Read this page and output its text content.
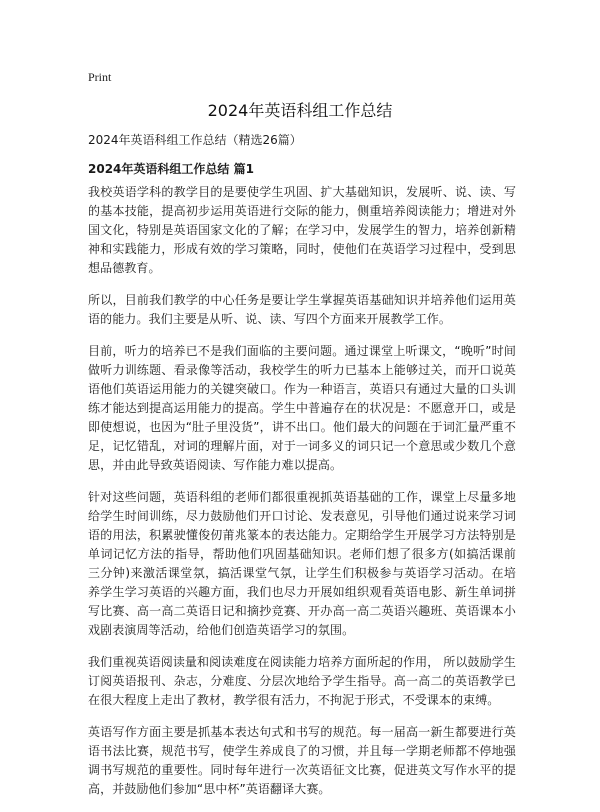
Print
2024年英语科组工作总结

2024年英语科组工作总结（精选26篇）

2024年英语科组工作总结 篇1

我校英语学科的教学目的是要使学生巩固、扩大基础知识，发展听、说、读、写的基本技能，提高初步运用英语进行交际的能力，侧重培养阅读能力；增进对外国文化，特别是英语国家文化的了解；在学习中，发展学生的智力，培养创新精神和实践能力，形成有效的学习策略，同时，使他们在英语学习过程中，受到思想品德教育。

所以，目前我们教学的中心任务是要让学生掌握英语基础知识并培养他们运用英语的能力。我们主要是从听、说、读、写四个方面来开展教学工作。

目前，听力的培养已不是我们面临的主要问题。通过课堂上听课文，“晚听”时间做听力训练题、看录像等活动，我校学生的听力已基本上能够过关，而开口说英语他们英语运用能力的关键突破口。作为一种语言，英语只有通过大量的口头训练才能达到提高运用能力的提高。学生中普遍存在的状况是：不愿意开口，或是即使想说，也因为“肚子里没货”，讲不出口。他们最大的问题在于词汇量严重不足，记忆错乱，对词的理解片面，对于一词多义的词只记一个意思或少数几个意思，并由此导致英语阅读、写作能力难以提高。

针对这些问题，英语科组的老师们都很重视抓英语基础的工作，课堂上尽量多地给学生时间训练，尽力鼓励他们开口讨论、发表意见，引导他们通过说来学习词语的用法，积累驶懂俊仞莆兆篆本的表达能力。定期给学生开展学习方法特别是单词记忆方法的指导，帮助他们巩固基础知识。老师们想了很多方(如搞活课前三分钟)来激活课堂氛，搞活课堂气氛，让学生们积极参与英语学习活动。在培养学生学习英语的兴趣方面，我们也尽力开展如组织观看英语电影、新生单词拼写比赛、高一高二英语日记和摘抄竞赛、开办高一高二英语兴趣班、英语课本小戏剧表演周等活动，给他们创造英语学习的氛围。

我们重视英语阅读量和阅读难度在阅读能力培养方面所起的作用， 所以鼓励学生订阅英语报刊、杂志，分难度、分层次地给予学生指导。高一高二的英语教学已在很大程度上走出了教材，教学很有活力，不拘泥于形式，不受课本的束缚。

英语写作方面主要是抓基本表达句式和书写的规范。每一届高一新生都要进行英语书法比赛，规范书写，使学生养成良了的习惯，并且每一学期老师都不停地强调书写规范的重要性。同时每年进行一次英语征文比赛，促进英文写作水平的提高，并鼓励他们参加“思中杯”英语翻译大赛。
